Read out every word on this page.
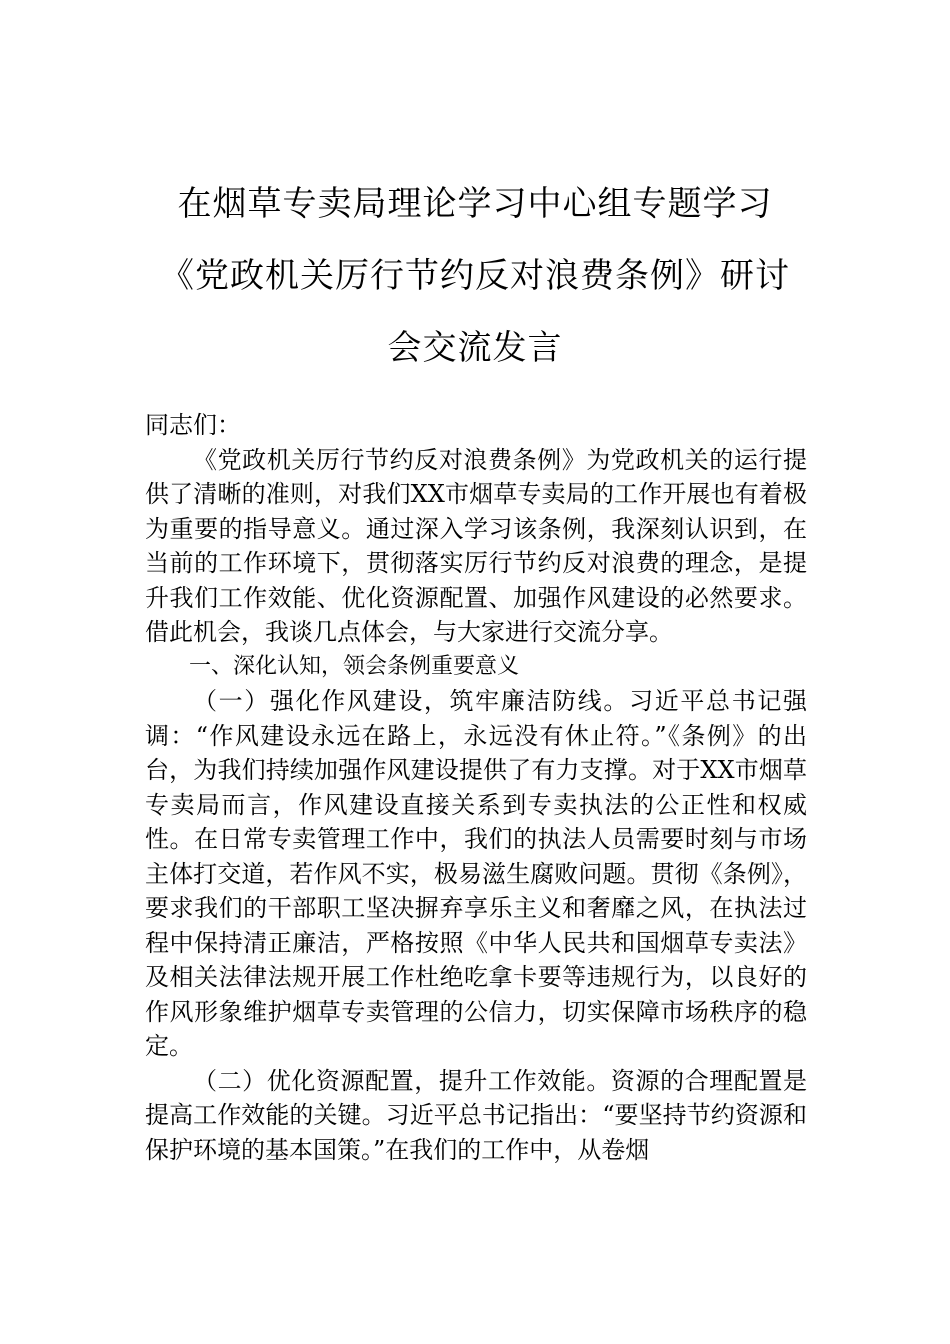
在烟草专卖局理论学习中心组专题学习《党政机关厉行节约反对浪费条例》研讨会交流发言

同志们：

《党政机关厉行节约反对浪费条例》为党政机关的运行提供了清晰的准则，对我们XX市烟草专卖局的工作开展也有着极为重要的指导意义。通过深入学习该条例，我深刻认识到，在当前的工作环境下，贯彻落实厉行节约反对浪费的理念，是提升我们工作效能、优化资源配置、加强作风建设的必然要求。借此机会，我谈几点体会，与大家进行交流分享。

一、深化认知，领会条例重要意义

（一）强化作风建设，筑牢廉洁防线。习近平总书记强调：“作风建设永远在路上，永远没有休止符。”《条例》的出台，为我们持续加强作风建设提供了有力支撑。对于XX市烟草专卖局而言，作风建设直接关系到专卖执法的公正性和权威性。在日常专卖管理工作中，我们的执法人员需要时刻与市场主体打交道，若作风不实，极易滋生腐败问题。贯彻《条例》，要求我们的干部职工坚决摒弃享乐主义和奢靡之风，在执法过程中保持清正廉洁，严格按照《中华人民共和国烟草专卖法》及相关法律法规开展工作杜绝吃拿卡要等违规行为，以良好的作风形象维护烟草专卖管理的公信力，切实保障市场秩序的稳定。

（二）优化资源配置，提升工作效能。资源的合理配置是提高工作效能的关键。习近平总书记指出：“要坚持节约资源和保护环境的基本国策。”在我们的工作中，从卷烟
